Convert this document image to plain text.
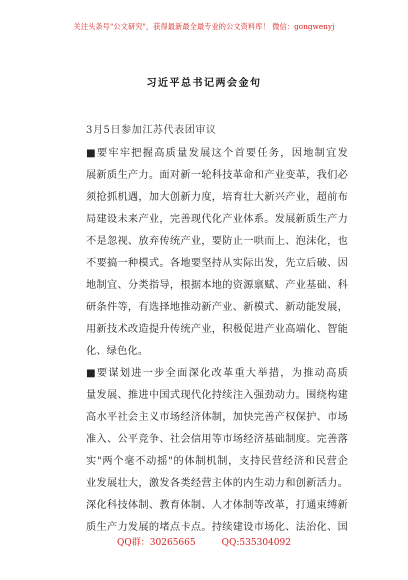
关注头条号"公文研究"，获得最新最全最专业的公文资料库！ 微信：gongwenyj
习近平总书记两会金句
3月5日参加江苏代表团审议
■要牢牢把握高质量发展这个首要任务，因地制宜发
展新质生产力。面对新一轮科技革命和产业变革，我们必
须抢抓机遇，加大创新力度，培育壮大新兴产业，超前布
局建设未来产业，完善现代化产业体系。发展新质生产力
不是忽视、放弃传统产业，要防止一哄而上、泡沫化，也
不要搞一种模式。各地要坚持从实际出发，先立后破、因
地制宜、分类指导，根据本地的资源禀赋、产业基础、科
研条件等，有选择地推动新产业、新模式、新动能发展，
用新技术改造提升传统产业，积极促进产业高端化、智能
化、绿色化。
■要谋划进一步全面深化改革重大举措，为推动高质
量发展、推进中国式现代化持续注入强劲动力。围绕构建
高水平社会主义市场经济体制，加快完善产权保护、市场
准入、公平竞争、社会信用等市场经济基础制度。完善落
实"两个毫不动摇"的体制机制，支持民营经济和民营企
业发展壮大，激发各类经营主体的内生动力和创新活力。
深化科技体制、教育体制、人才体制等改革，打通束缚新
质生产力发展的堵点卡点。持续建设市场化、法治化、国
QQ群：30265665	QQ:535304092
